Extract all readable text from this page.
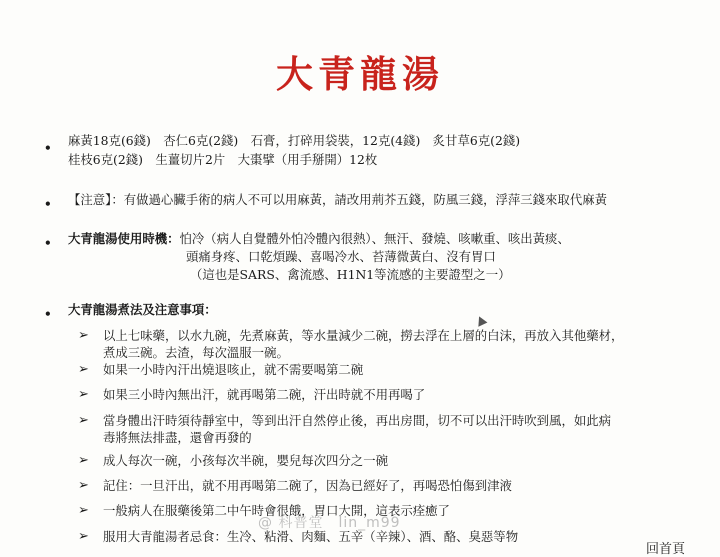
大青龍湯
• 麻黃18克(6錢)　杏仁6克(2錢)　石膏，打碎用袋裝，12克(4錢)　炙甘草6克(2錢)
桂枝6克(2錢)　生薑切片2片　大棗擘（用手掰開）12枚
• 【注意】：有做過心臟手術的病人不可以用麻黃，請改用荊芥五錢，防風三錢，浮萍三錢來取代麻黃
• 大青龍湯使用時機：怕冷（病人自覺體外怕冷體內很熱）、無汗、發燒、咳嗽重、咳出黃痰、
頭痛身疼、口乾煩躁、喜喝冷水、苔薄微黃白、沒有胃口
（這也是SARS、禽流感、H1N1等流感的主要證型之一）
• 大青龍湯煮法及注意事項：
➢ 以上七味藥，以水九碗，先煮麻黃，等水量減少二碗，撈去浮在上層的白沫，再放入其他藥材，
煮成三碗。去渣，每次溫服一碗。
➢ 如果一小時內汗出燒退咳止，就不需要喝第二碗
➢ 如果三小時內無出汗，就再喝第二碗，汗出時就不用再喝了
➢ 當身體出汗時須待靜室中，等到出汗自然停止後，再出房間，切不可以出汗時吹到風，如此病
毒將無法排盡，還會再發的
➢ 成人每次一碗，小孩每次半碗，嬰兒每次四分之一碗
➢ 記住：一旦汗出，就不用再喝第二碗了，因為已經好了，再喝恐怕傷到津液
➢ 一般病人在服藥後第二中午時會很餓，胃口大開，這表示痊癒了
➢ 服用大青龍湯者忌食：生冷、粘滑、肉麵、五辛（辛辣）、酒、酪、臭惡等物
@ 科普堂　lin_m99
回首頁
